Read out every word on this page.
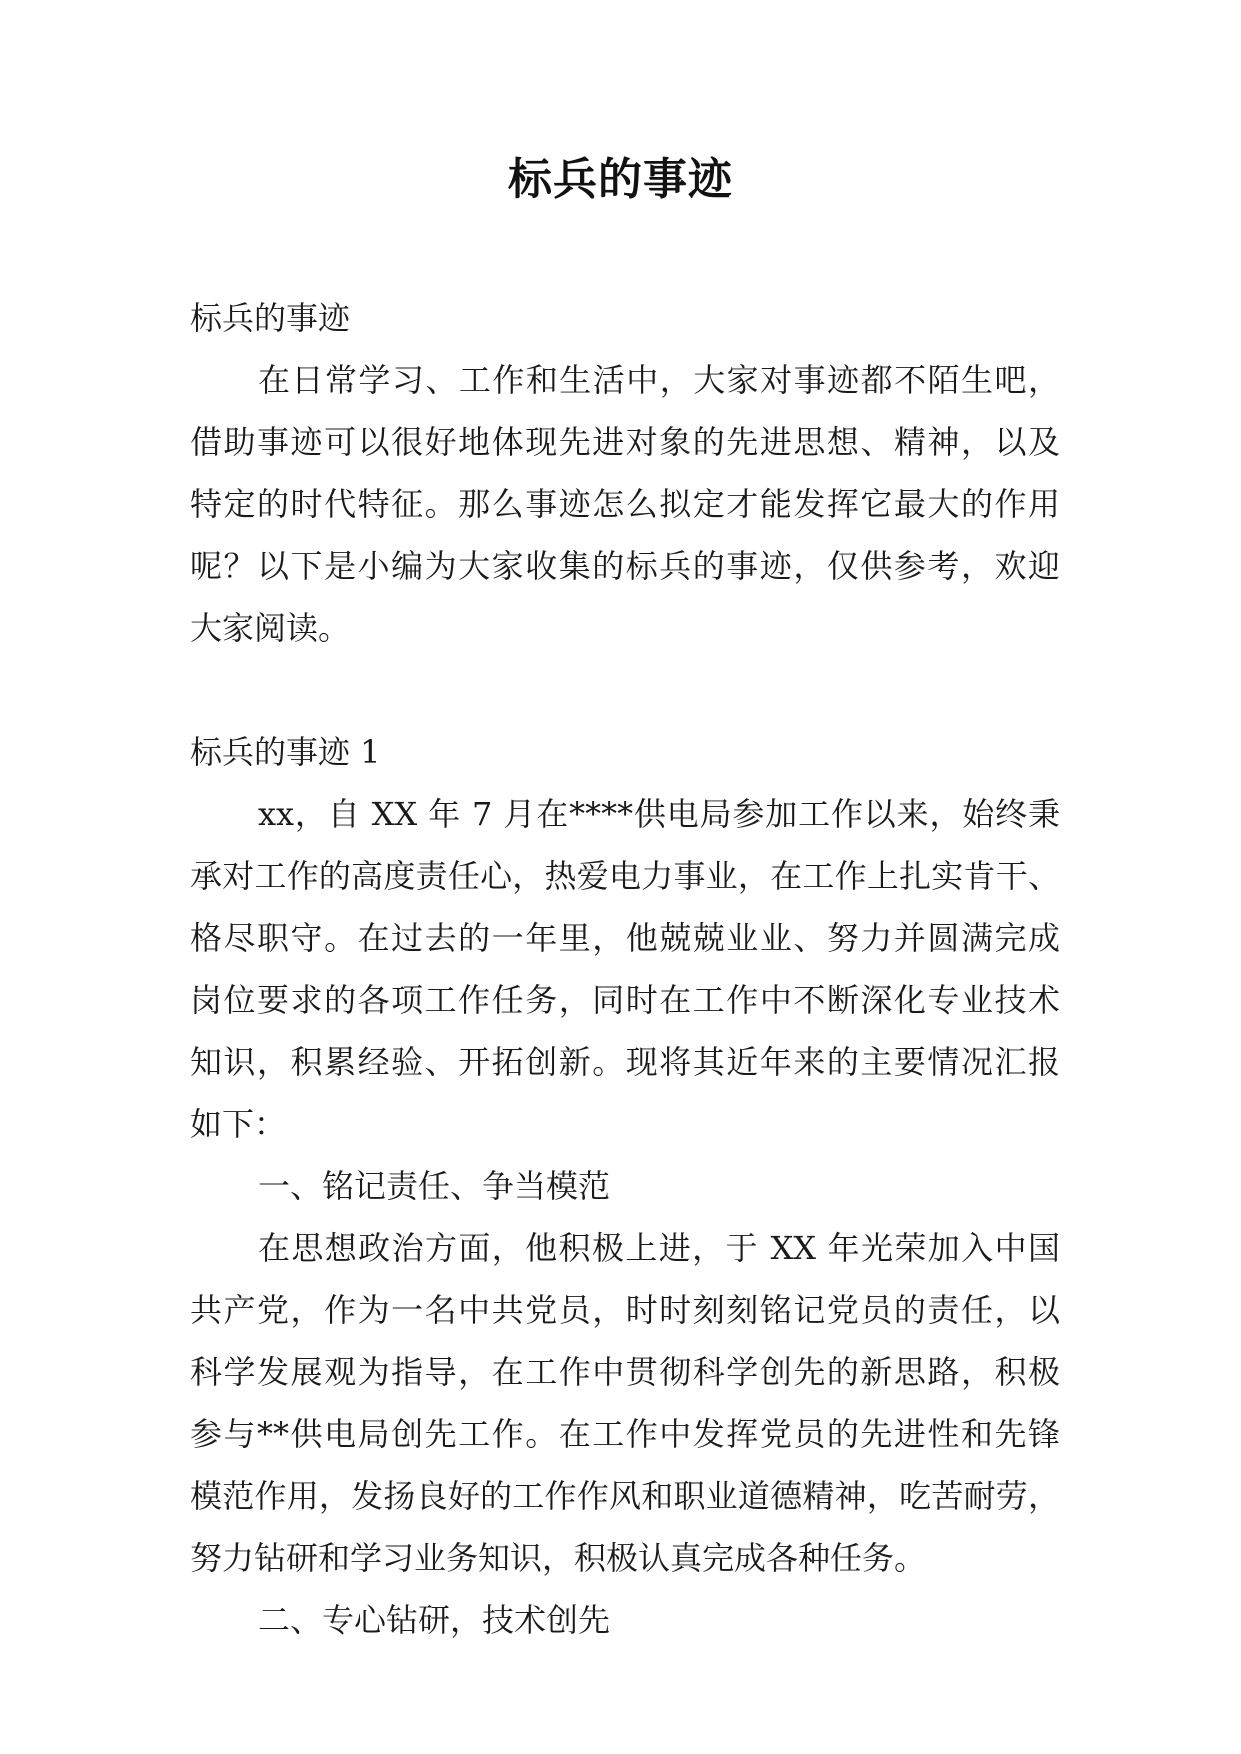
标兵的事迹
标兵的事迹
在日常学习、工作和生活中，大家对事迹都不陌生吧，
借助事迹可以很好地体现先进对象的先进思想、精神，以及
特定的时代特征。那么事迹怎么拟定才能发挥它最大的作用
呢？以下是小编为大家收集的标兵的事迹，仅供参考，欢迎
大家阅读。
标兵的事迹 1
xx，自 XX 年 7 月在****供电局参加工作以来，始终秉
承对工作的高度责任心，热爱电力事业，在工作上扎实肯干、
格尽职守。在过去的一年里，他兢兢业业、努力并圆满完成
岗位要求的各项工作任务，同时在工作中不断深化专业技术
知识，积累经验、开拓创新。现将其近年来的主要情况汇报
如下：
一、铭记责任、争当模范
在思想政治方面，他积极上进，于 XX 年光荣加入中国
共产党，作为一名中共党员，时时刻刻铭记党员的责任，以
科学发展观为指导，在工作中贯彻科学创先的新思路，积极
参与**供电局创先工作。在工作中发挥党员的先进性和先锋
模范作用，发扬良好的工作作风和职业道德精神，吃苦耐劳，
努力钻研和学习业务知识，积极认真完成各种任务。
二、专心钻研，技术创先
